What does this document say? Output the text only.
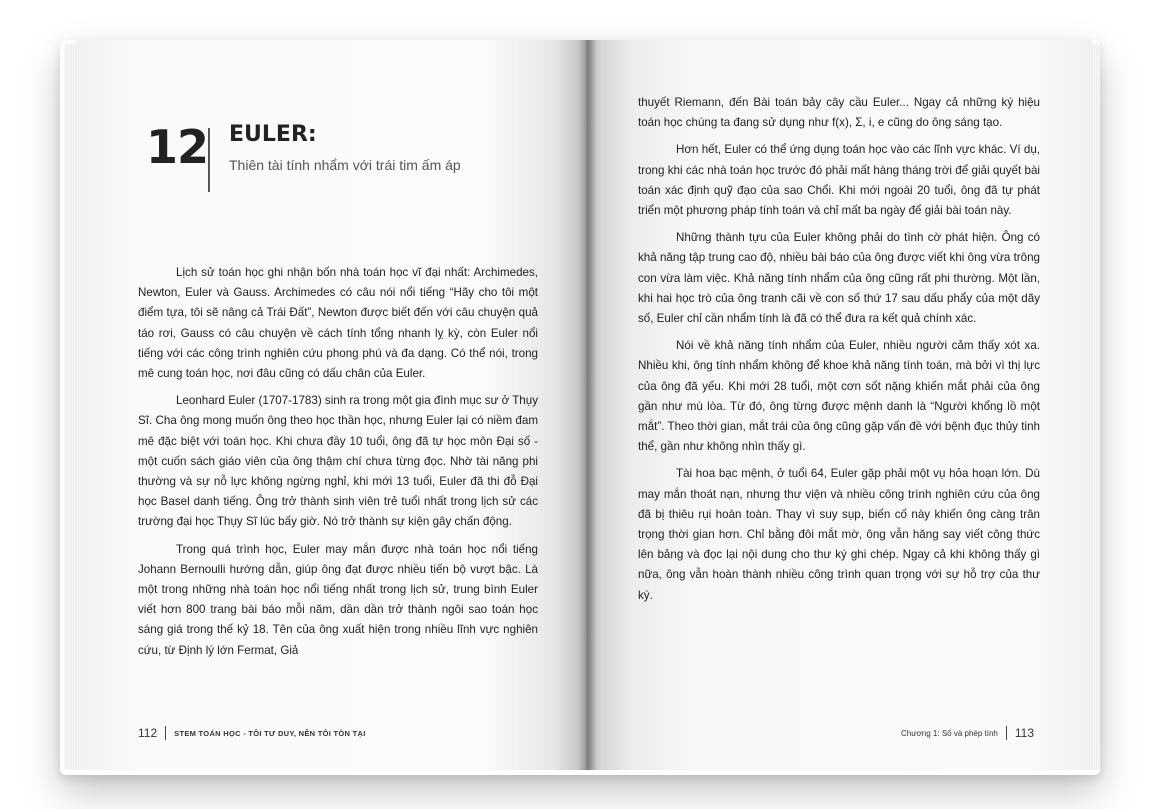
12 EULER:
Thiên tài tính nhẩm với trái tim ấm áp

Lịch sử toán học ghi nhận bốn nhà toán học vĩ đại nhất: Archimedes, Newton, Euler và Gauss. Archimedes có câu nói nổi tiếng “Hãy cho tôi một điểm tựa, tôi sẽ nâng cả Trái Đất”, Newton được biết đến với câu chuyện quả táo rơi, Gauss có câu chuyện về cách tính tổng nhanh lỵ kỳ, còn Euler nổi tiếng với các công trình nghiên cứu phong phú và đa dạng. Có thể nói, trong mê cung toán học, nơi đâu cũng có dấu chân của Euler.

Leonhard Euler (1707-1783) sinh ra trong một gia đình mục sư ở Thụy Sĩ. Cha ông mong muốn ông theo học thần học, nhưng Euler lại có niềm đam mê đặc biệt với toán học. Khi chưa đầy 10 tuổi, ông đã tự học môn Đại số - một cuốn sách giáo viên của ông thậm chí chưa từng đọc. Nhờ tài năng phi thường và sự nỗ lực không ngừng nghỉ, khi mới 13 tuổi, Euler đã thi đỗ Đại học Basel danh tiếng. Ông trở thành sinh viên trẻ tuổi nhất trong lịch sử các trường đại học Thụy Sĩ lúc bấy giờ. Nó trở thành sự kiện gây chấn động.

Trong quá trình học, Euler may mắn được nhà toán học nổi tiếng Johann Bernoulli hướng dẫn, giúp ông đạt được nhiều tiến bộ vượt bậc. Là một trong những nhà toán học nổi tiếng nhất trong lịch sử, trung bình Euler viết hơn 800 trang bài báo mỗi năm, dần dần trở thành ngôi sao toán học sáng giá trong thế kỷ 18. Tên của ông xuất hiện trong nhiều lĩnh vực nghiên cứu, từ Định lý lớn Fermat, Giả

112 STEM TOÁN HỌC - TÔI TƯ DUY, NÊN TÔI TỒN TẠI

thuyết Riemann, đến Bài toán bảy cây cầu Euler... Ngay cả những ký hiệu toán học chúng ta đang sử dụng như f(x), Σ, i, e cũng do ông sáng tạo.

Hơn hết, Euler có thể ứng dụng toán học vào các lĩnh vực khác. Ví dụ, trong khi các nhà toán học trước đó phải mất hàng tháng trời để giải quyết bài toán xác định quỹ đạo của sao Chổi. Khi mới ngoài 20 tuổi, ông đã tự phát triển một phương pháp tính toán và chỉ mất ba ngày để giải bài toán này.

Những thành tựu của Euler không phải do tình cờ phát hiện. Ông có khả năng tập trung cao độ, nhiều bài báo của ông được viết khi ông vừa trông con vừa làm việc. Khả năng tính nhẩm của ông cũng rất phi thường. Một lần, khi hai học trò của ông tranh cãi về con số thứ 17 sau dấu phẩy của một dãy số, Euler chỉ cần nhẩm tính là đã có thể đưa ra kết quả chính xác.

Nói về khả năng tính nhẩm của Euler, nhiều người cảm thấy xót xa. Nhiều khi, ông tính nhẩm không để khoe khả năng tính toán, mà bởi vì thị lực của ông đã yếu. Khi mới 28 tuổi, một cơn sốt nặng khiến mắt phải của ông gần như mù lòa. Từ đó, ông từng được mệnh danh là “Người khổng lồ một mắt”. Theo thời gian, mắt trái của ông cũng gặp vấn đề với bệnh đục thủy tinh thể, gần như không nhìn thấy gì.

Tài hoa bạc mệnh, ở tuổi 64, Euler gặp phải một vụ hỏa hoạn lớn. Dù may mắn thoát nạn, nhưng thư viện và nhiều công trình nghiên cứu của ông đã bị thiêu rụi hoàn toàn. Thay vì suy sụp, biến cố này khiến ông càng trân trọng thời gian hơn. Chỉ bằng đôi mắt mờ, ông vẫn hăng say viết công thức lên bảng và đọc lại nội dung cho thư ký ghi chép. Ngay cả khi không thấy gì nữa, ông vẫn hoàn thành nhiều công trình quan trọng với sự hỗ trợ của thư ký.

Chương 1: Số và phép tính 113
